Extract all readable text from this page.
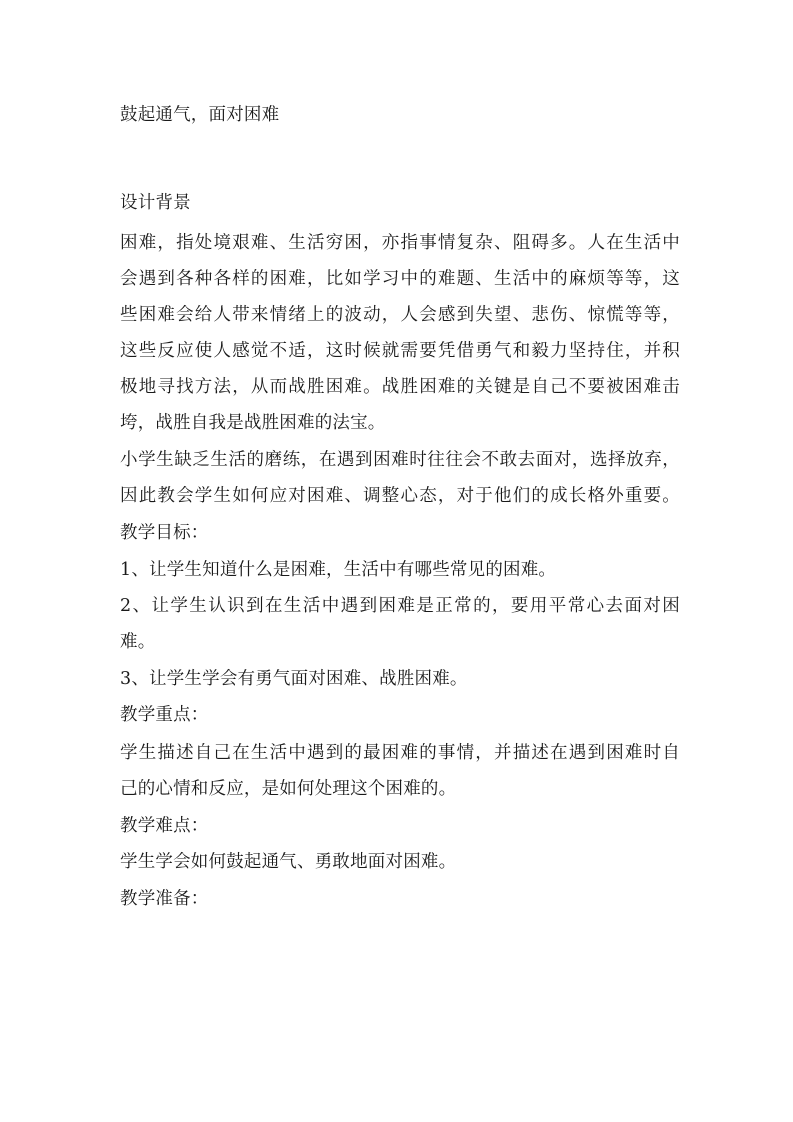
鼓起通气，面对困难
设计背景
困难，指处境艰难、生活穷困，亦指事情复杂、阻碍多。人在生活中
会遇到各种各样的困难，比如学习中的难题、生活中的麻烦等等，这
些困难会给人带来情绪上的波动，人会感到失望、悲伤、惊慌等等，
这些反应使人感觉不适，这时候就需要凭借勇气和毅力坚持住，并积
极地寻找方法，从而战胜困难。战胜困难的关键是自己不要被困难击
垮，战胜自我是战胜困难的法宝。
小学生缺乏生活的磨练，在遇到困难时往往会不敢去面对，选择放弃，
因此教会学生如何应对困难、调整心态，对于他们的成长格外重要。
教学目标：
1、让学生知道什么是困难，生活中有哪些常见的困难。
2、让学生认识到在生活中遇到困难是正常的，要用平常心去面对困
难。
3、让学生学会有勇气面对困难、战胜困难。
教学重点：
学生描述自己在生活中遇到的最困难的事情，并描述在遇到困难时自
己的心情和反应，是如何处理这个困难的。
教学难点：
学生学会如何鼓起通气、勇敢地面对困难。
教学准备：
